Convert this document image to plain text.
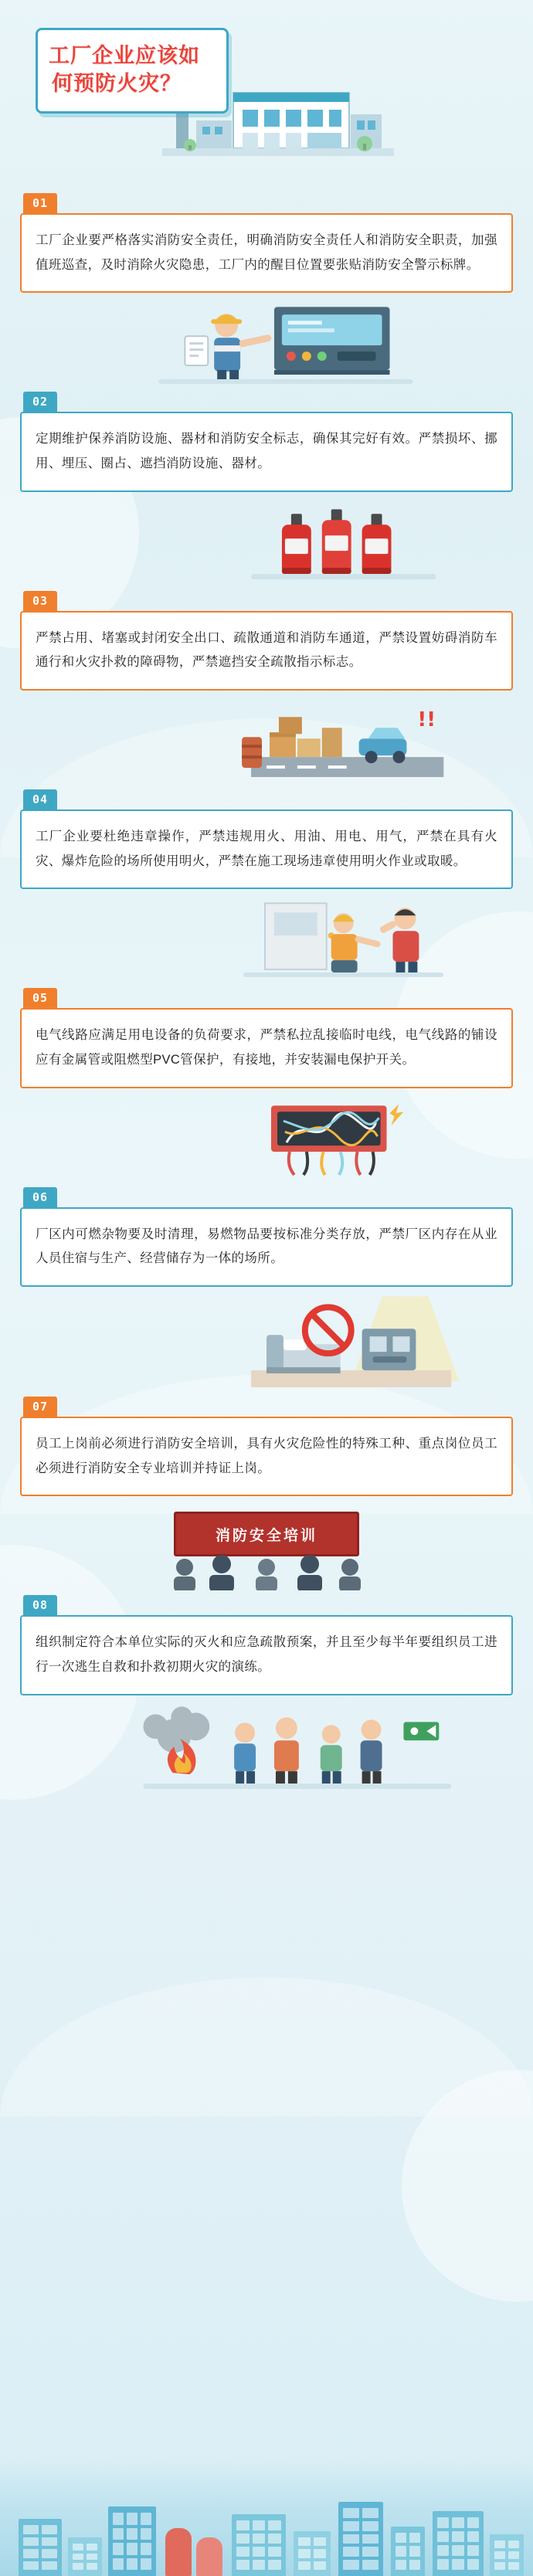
工厂企业应该如
何预防火灾？
01

工厂企业要严格落实消防安全责任，明确消防安全责任人和消防安全职责，加强值班巡查，及时消除火灾隐患，工厂内的醒目位置要张贴消防安全警示标牌。

02

定期维护保养消防设施、器材和消防安全标志，确保其完好有效。严禁损坏、挪用、埋压、圈占、遮挡消防设施、器材。

03

严禁占用、堵塞或封闭安全出口、疏散通道和消防车通道，严禁设置妨碍消防车通行和火灾扑救的障碍物，严禁遮挡安全疏散指示标志。

!!
04

工厂企业要杜绝违章操作，严禁违规用火、用油、用电、用气，严禁在具有火灾、爆炸危险的场所使用明火，严禁在施工现场违章使用明火作业或取暖。

05

电气线路应满足用电设备的负荷要求，严禁私拉乱接临时电线，电气线路的铺设应有金属管或阻燃型PVC管保护，有接地，并安装漏电保护开关。

06

厂区内可燃杂物要及时清理，易燃物品要按标准分类存放，严禁厂区内存在从业人员住宿与生产、经营储存为一体的场所。

07

员工上岗前必须进行消防安全培训，具有火灾危险性的特殊工种、重点岗位员工必须进行消防安全专业培训并持证上岗。

消防安全培训
08

组织制定符合本单位实际的灭火和应急疏散预案，并且至少每半年要组织员工进行一次逃生自救和扑救初期火灾的演练。
